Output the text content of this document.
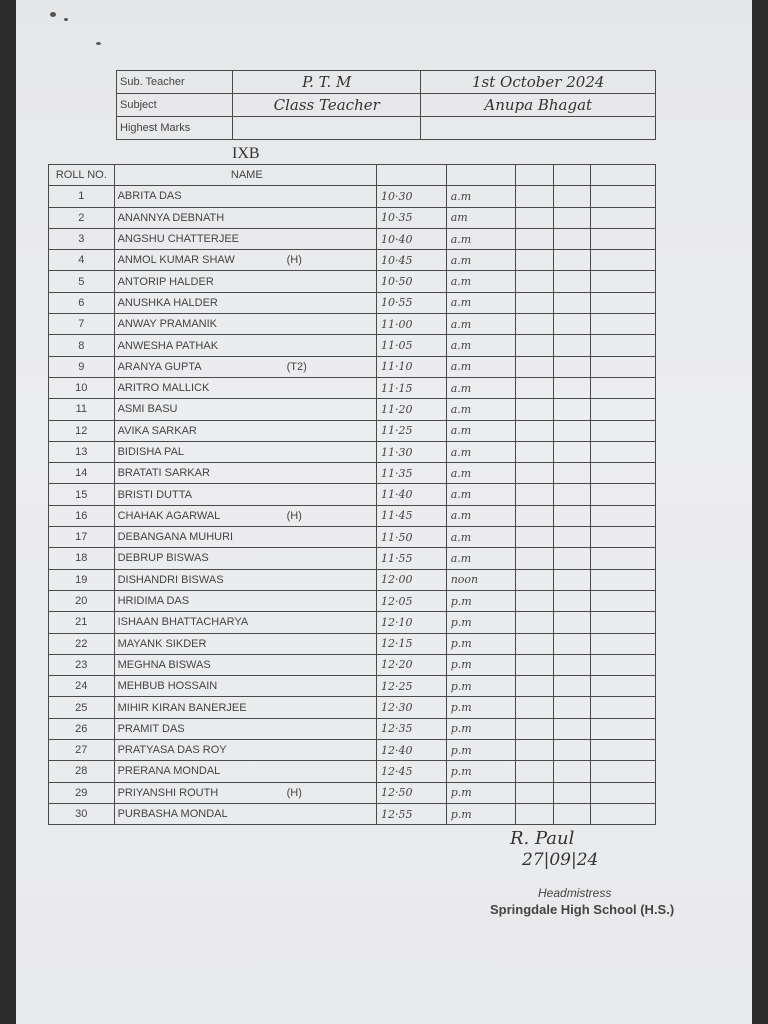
Sub. Teacher	P. T. M	1st October 2024
Subject	Class Teacher	Anupa Bhagat
Highest Marks		
IXB
ROLL NO.	NAME					
1	ABRITA DAS	10·30	a.m			
2	ANANNYA DEBNATH	10·35	am			
3	ANGSHU CHATTERJEE	10·40	a.m			
4	ANMOL KUMAR SHAW (H)	10·45	a.m			
5	ANTORIP HALDER	10·50	a.m			
6	ANUSHKA HALDER	10·55	a.m			
7	ANWAY PRAMANIK	11·00	a.m			
8	ANWESHA PATHAK	11·05	a.m			
9	ARANYA GUPTA (T2)	11·10	a.m			
10	ARITRO MALLICK	11·15	a.m			
11	ASMI BASU	11·20	a.m			
12	AVIKA SARKAR	11·25	a.m			
13	BIDISHA PAL	11·30	a.m			
14	BRATATI SARKAR	11·35	a.m			
15	BRISTI DUTTA	11·40	a.m			
16	CHAHAK AGARWAL (H)	11·45	a.m			
17	DEBANGANA MUHURI	11·50	a.m			
18	DEBRUP BISWAS	11·55	a.m			
19	DISHANDRI BISWAS	12·00	noon			
20	HRIDIMA DAS	12·05	p.m			
21	ISHAAN BHATTACHARYA	12·10	p.m			
22	MAYANK SIKDER	12·15	p.m			
23	MEGHNA BISWAS	12·20	p.m			
24	MEHBUB HOSSAIN	12·25	p.m			
25	MIHIR KIRAN BANERJEE	12·30	p.m			
26	PRAMIT DAS	12·35	p.m			
27	PRATYASA DAS ROY	12·40	p.m			
28	PRERANA MONDAL	12·45	p.m			
29	PRIYANSHI ROUTH (H)	12·50	p.m			
30	PURBASHA MONDAL	12·55	p.m			
R. Paul
27|09|24
Headmistress
Springdale High School (H.S.)
